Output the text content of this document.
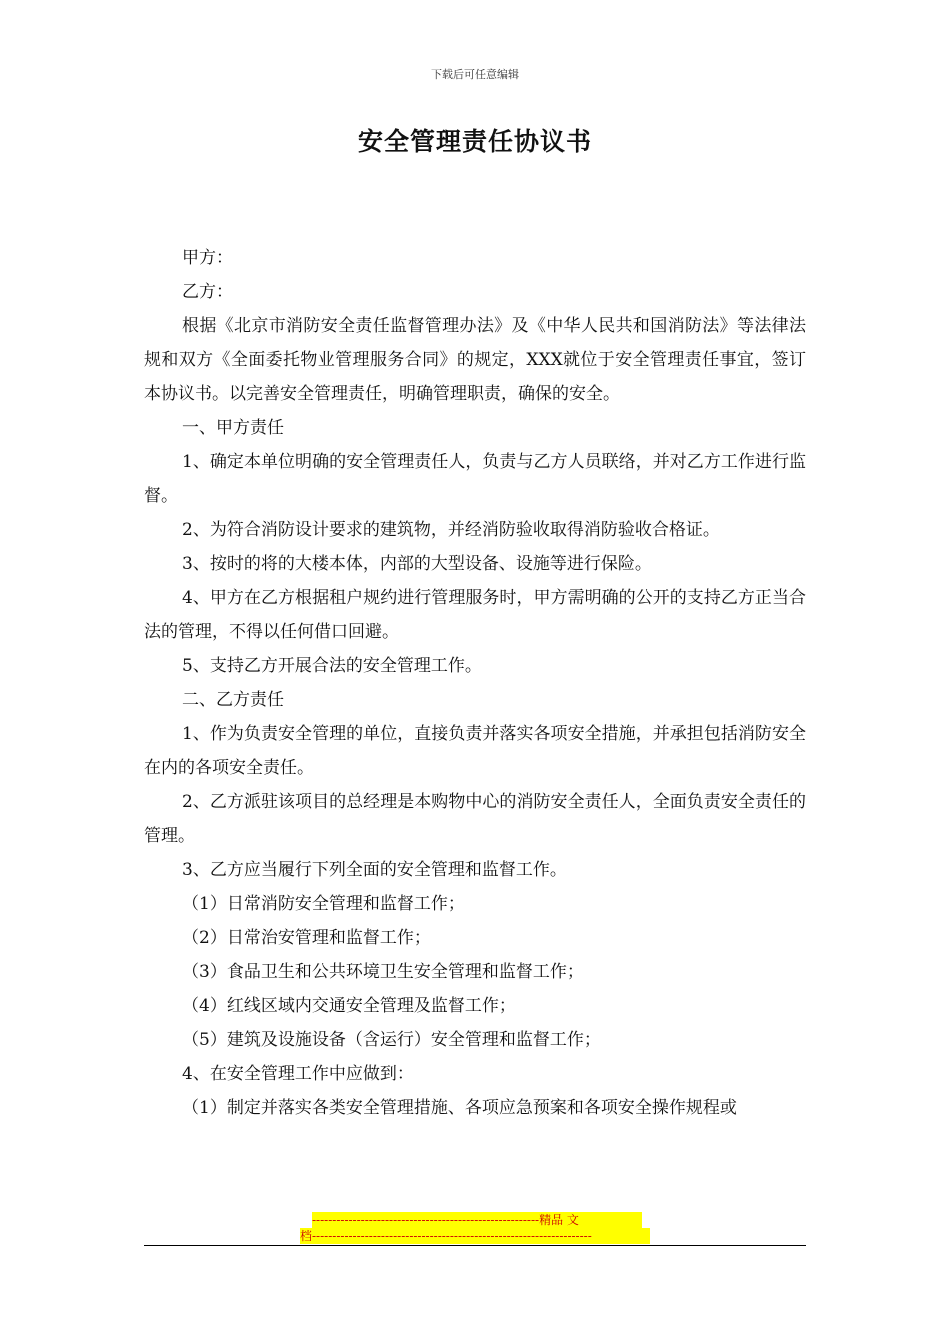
下载后可任意编辑
安全管理责任协议书

甲方：

乙方：

根据《北京市消防安全责任监督管理办法》及《中华人民共和国消防法》等法律法规和双方《全面委托物业管理服务合同》的规定，XXX就位于安全管理责任事宜，签订本协议书。以完善安全管理责任，明确管理职责，确保的安全。

一、甲方责任

1、确定本单位明确的安全管理责任人，负责与乙方人员联络，并对乙方工作进行监督。

2、为符合消防设计要求的建筑物，并经消防验收取得消防验收合格证。

3、按时的将的大楼本体，内部的大型设备、设施等进行保险。

4、甲方在乙方根据租户规约进行管理服务时，甲方需明确的公开的支持乙方正当合法的管理，不得以任何借口回避。

5、支持乙方开展合法的安全管理工作。

二、乙方责任

1、作为负责安全管理的单位，直接负责并落实各项安全措施，并承担包括消防安全在内的各项安全责任。

2、乙方派驻该项目的总经理是本购物中心的消防安全责任人，全面负责安全责任的管理。

3、乙方应当履行下列全面的安全管理和监督工作。

（1）日常消防安全管理和监督工作；

（2）日常治安管理和监督工作；

（3）食品卫生和公共环境卫生安全管理和监督工作；

（4）红线区域内交通安全管理及监督工作；

（5）建筑及设施设备（含运行）安全管理和监督工作；

4、在安全管理工作中应做到：

（1）制定并落实各类安全管理措施、各项应急预案和各项安全操作规程或

--------------------------------------------------------精品 文
档---------------------------------------------------------------------
